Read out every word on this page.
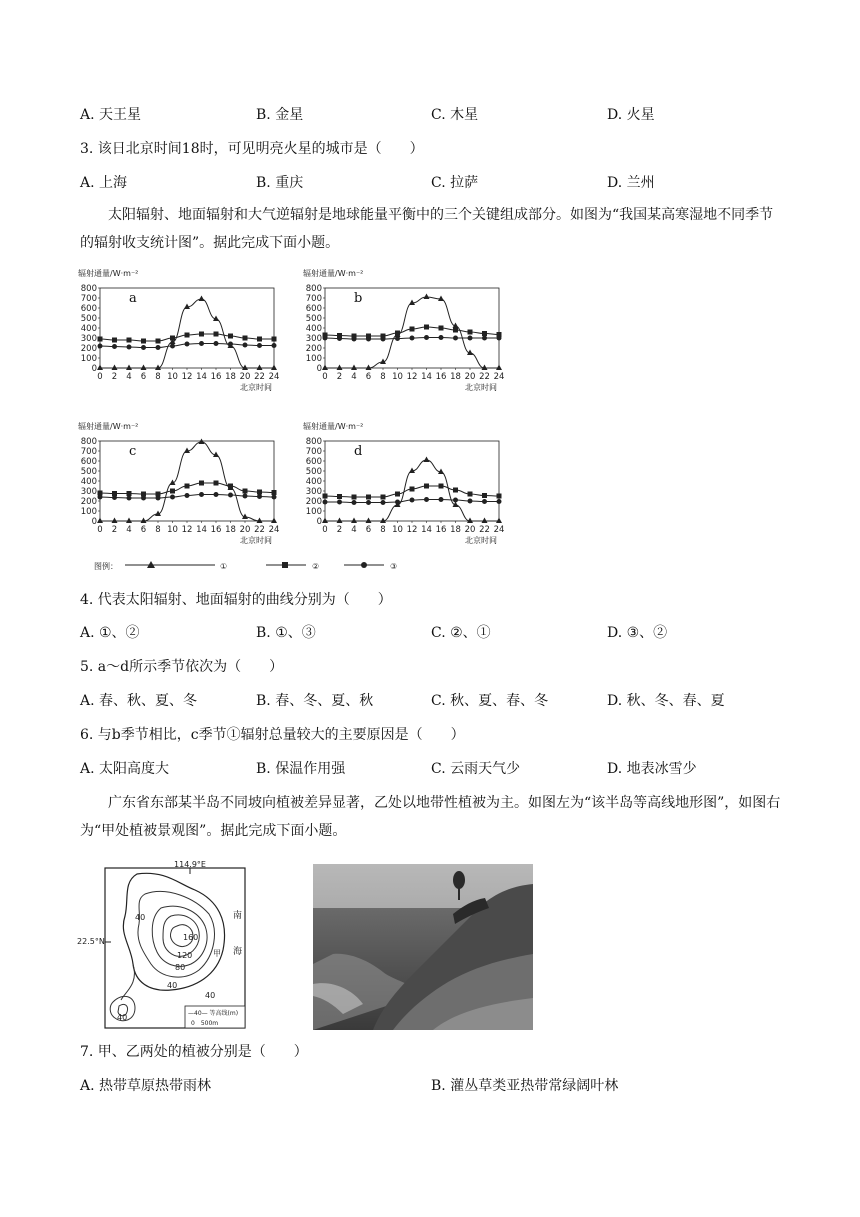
A. 天王星	B. 金星	C. 木星	D. 火星
3. 该日北京时间18时，可见明亮火星的城市是（　　）
A. 上海	B. 重庆	C. 拉萨	D. 兰州
太阳辐射、地面辐射和大气逆辐射是地球能量平衡中的三个关键组成部分。如图为“我国某高寒湿地不同季节的辐射收支统计图”。据此完成下面小题。
辐射通量/W·m⁻²
0
100
200
300
400
500
600
700
800
0 2 4 6 8 10 12 14 16 18 20 22 24
北京时间
a
辐射通量/W·m⁻²
0
100
200
300
400
500
600
700
800
0 2 4 6 8 10 12 14 16 18 20 22 24
北京时间
b
辐射通量/W·m⁻²
0
100
200
300
400
500
600
700
800
0 2 4 6 8 10 12 14 16 18 20 22 24
北京时间
c
辐射通量/W·m⁻²
0
100
200
300
400
500
600
700
800
0 2 4 6 8 10 12 14 16 18 20 22 24
北京时间
d
图例：	①	②	③
4. 代表太阳辐射、地面辐射的曲线分别为（　　）
A. ①、②	B. ①、③	C. ②、①	D. ③、②
5. a～d所示季节依次为（　　）
A. 春、秋、夏、冬	B. 春、冬、夏、秋	C. 秋、夏、春、冬	D. 秋、冬、春、夏
6. 与b季节相比，c季节①辐射总量较大的主要原因是（　　）
A. 太阳高度大	B. 保温作用强	C. 云雨天气少	D. 地表冰雪少
广东省东部某半岛不同坡向植被差异显著，乙处以地带性植被为主。如图左为“该半岛等高线地形图”，如图右为“甲处植被景观图”。据此完成下面小题。
114.9°E
22.5°N
40
160
120
80
40
40
40
甲
南
海
—40— 等高线(m)
0　500m
7. 甲、乙两处的植被分别是（　　）
A. 热带草原热带雨林	B. 灌丛草类亚热带常绿阔叶林
